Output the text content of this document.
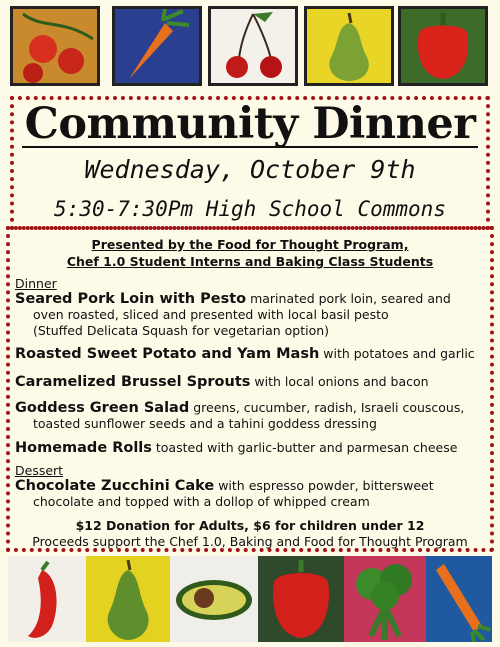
Community Dinner
Wednesday, October 9th
5:30-7:30Pm High School Commons
Presented by the Food for Thought Program,
Chef 1.0 Student Interns and Baking Class Students
Dinner
Seared Pork Loin with Pesto marinated pork loin, seared and
oven roasted, sliced and presented with local basil pesto
(Stuffed Delicata Squash for vegetarian option)
Roasted Sweet Potato and Yam Mash with potatoes and garlic
Caramelized Brussel Sprouts with local onions and bacon
Goddess Green Salad greens, cucumber, radish, Israeli couscous,
toasted sunflower seeds and a tahini goddess dressing
Homemade Rolls toasted with garlic-butter and parmesan cheese
Dessert
Chocolate Zucchini Cake with espresso powder, bittersweet
chocolate and topped with a dollop of whipped cream
$12 Donation for Adults, $6 for children under 12
Proceeds support the Chef 1.0, Baking and Food for Thought Program
